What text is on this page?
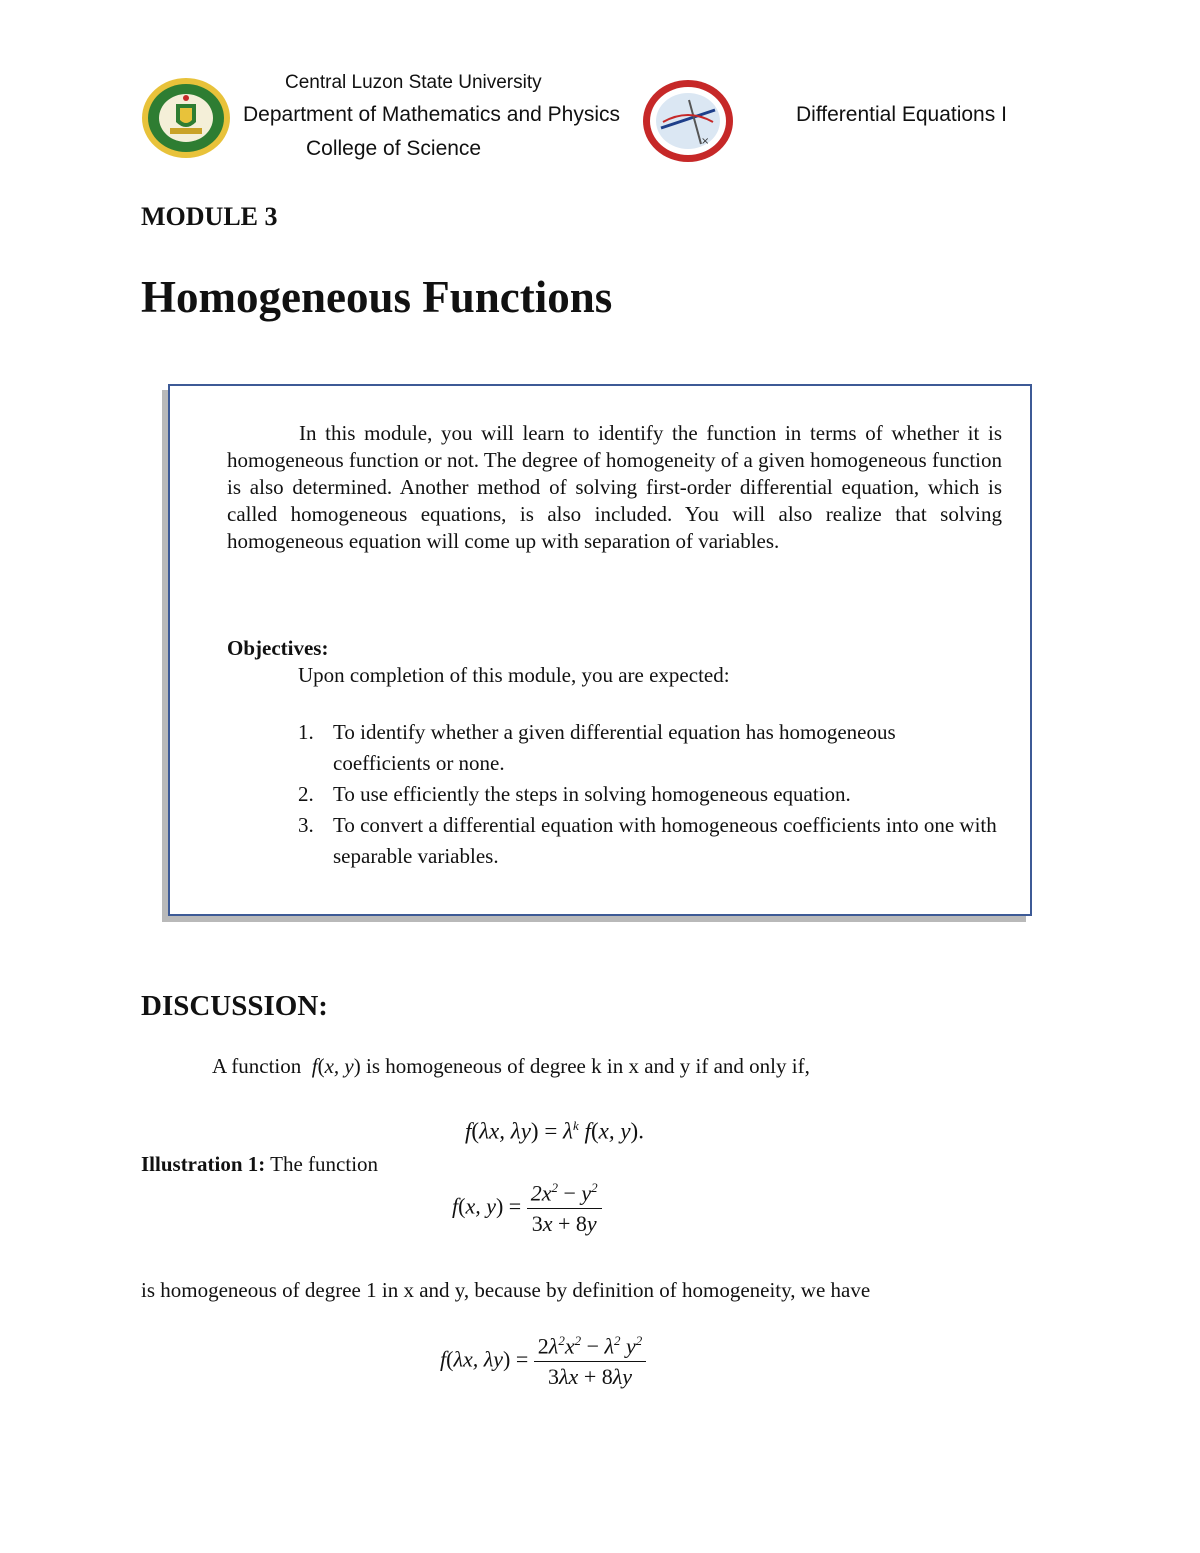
×
Central Luzon State University
Department of Mathematics and Physics
College of Science
Differential Equations I
MODULE 3
Homogeneous Functions
In this module, you will learn to identify the function in terms of whether it is homogeneous function or not. The degree of homogeneity of a given homogeneous function is also determined. Another method of solving first-order differential equation, which is called homogeneous equations, is also included. You will also realize that solving homogeneous equation will come up with separation of variables.
Objectives:
Upon completion of this module, you are expected:
1. To identify whether a given differential equation has homogeneous coefficients or none.
2. To use efficiently the steps in solving homogeneous equation.
3. To convert a differential equation with homogeneous coefficients into one with separable variables.
DISCUSSION:
A function  f(x, y) is homogeneous of degree k in x and y if and only if,
f(λx, $\lambda y) = \lambda^k$ f(x, y).
Illustration 1: The function
f(x, $y) = \frac{2x^2 - y^2}{3x + 8y}$
is homogeneous of degree 1 in x and y, because by definition of homogeneity, we have
f(λx, $\lambda y) = \frac{2\lambda^2x^2 - \lambda^2 y^2}{3\lambda x + 8\lambda y}$
